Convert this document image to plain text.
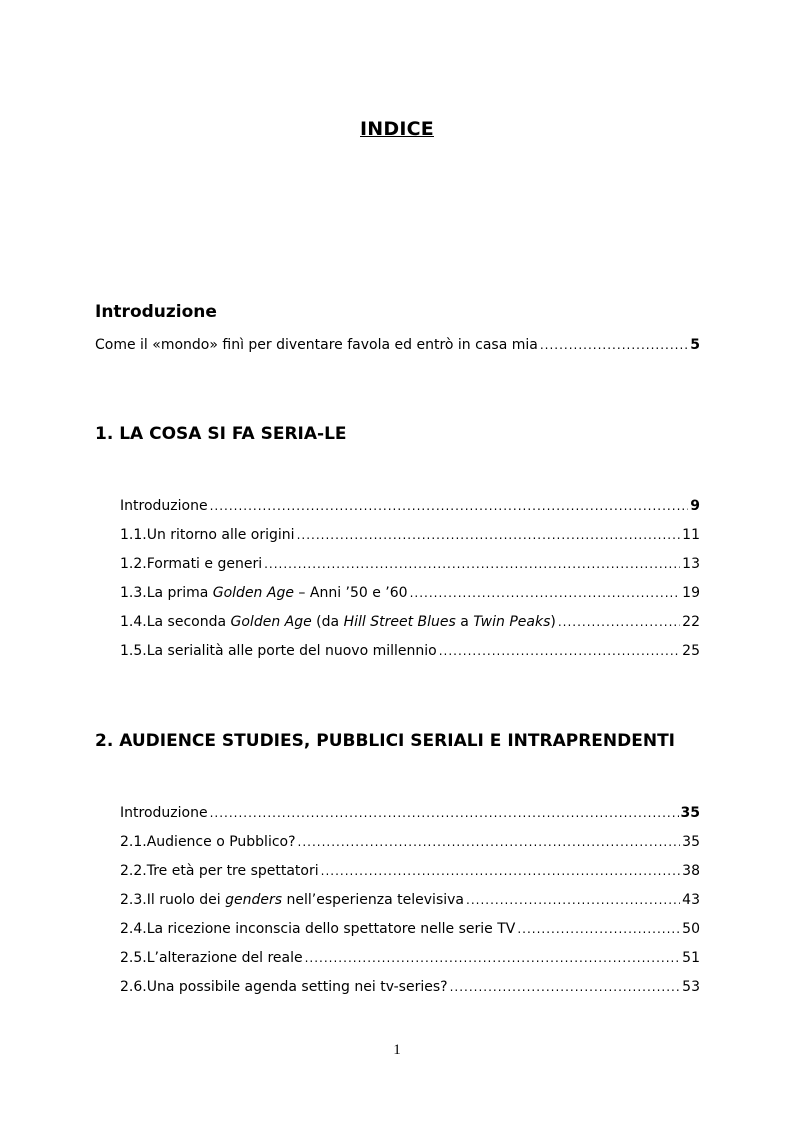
INDICE
Introduzione
Come il «mondo» finì per diventare favola ed entrò in casa mia .....	5
1. LA COSA SI FA SERIA-LE
Introduzione .....	9
1.1. Un ritorno alle origini .....	11
1.2. Formati e generi .....	13
1.3. La prima Golden Age – Anni ’50 e ’60 .....	19
1.4. La seconda Golden Age (da Hill Street Blues a Twin Peaks) .....	22
1.5. La serialità alle porte del nuovo millennio .....	25
2. AUDIENCE STUDIES, PUBBLICI SERIALI E INTRAPRENDENTI
Introduzione .....	35
2.1. Audience o Pubblico? .....	35
2.2. Tre età per tre spettatori .....	38
2.3. Il ruolo dei genders nell’esperienza televisiva .....	43
2.4. La ricezione inconscia dello spettatore nelle serie TV .....	50
2.5. L’alterazione del reale .....	51
2.6. Una possibile agenda setting nei tv-series? .....	53
1
